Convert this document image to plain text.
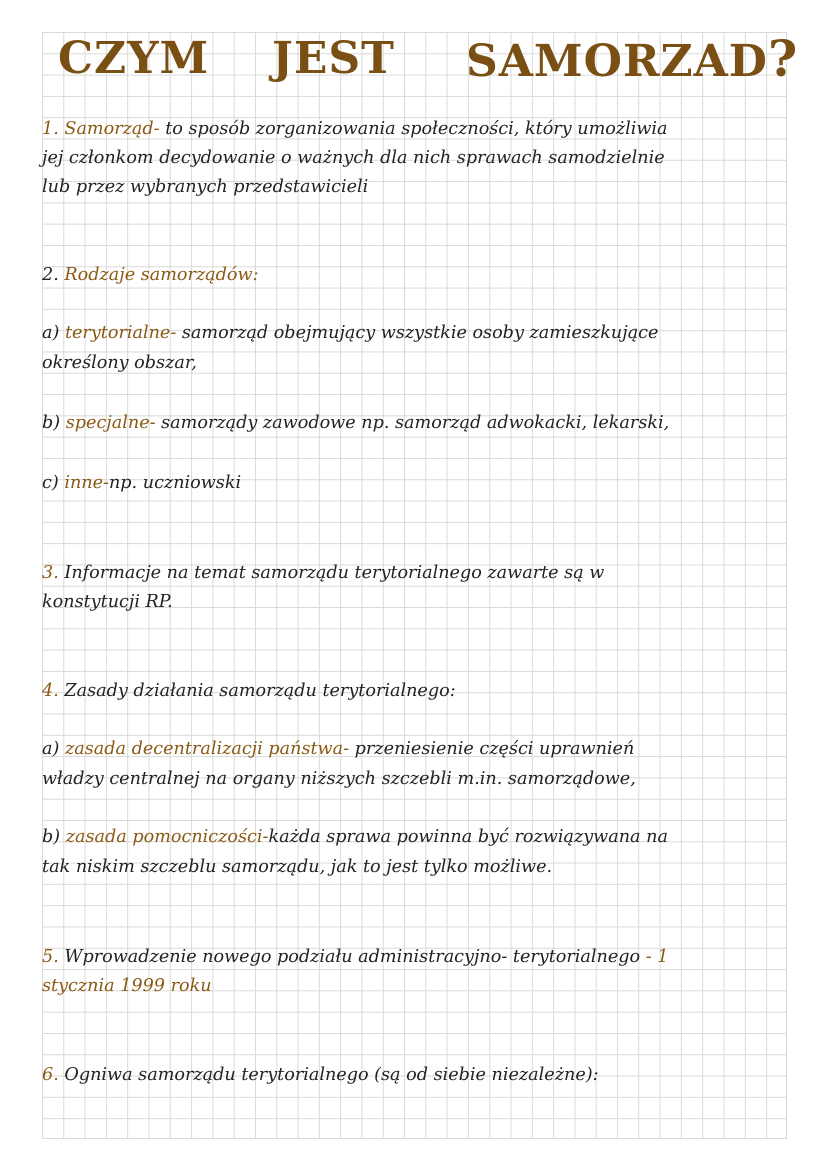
CZYM JEST SAMORZAD?
1. Samorząd- to sposób zorganizowania społeczności, który umożliwia
jej członkom decydowanie o ważnych dla nich sprawach samodzielnie
lub przez wybranych przedstawicieli
2. Rodzaje samorządów:
a) terytorialne- samorząd obejmujący wszystkie osoby zamieszkujące
określony obszar,
b) specjalne- samorządy zawodowe np. samorząd adwokacki, lekarski,
c) inne-np. uczniowski
3. Informacje na temat samorządu terytorialnego zawarte są w
konstytucji RP.
4. Zasady działania samorządu terytorialnego:
a) zasada decentralizacji państwa- przeniesienie części uprawnień
władzy centralnej na organy niższych szczebli m.in. samorządowe,
b) zasada pomocniczości-każda sprawa powinna być rozwiązywana na
tak niskim szczeblu samorządu, jak to jest tylko możliwe.
5. Wprowadzenie nowego podziału administracyjno- terytorialnego - 1
stycznia 1999 roku
6. Ogniwa samorządu terytorialnego (są od siebie niezależne):
